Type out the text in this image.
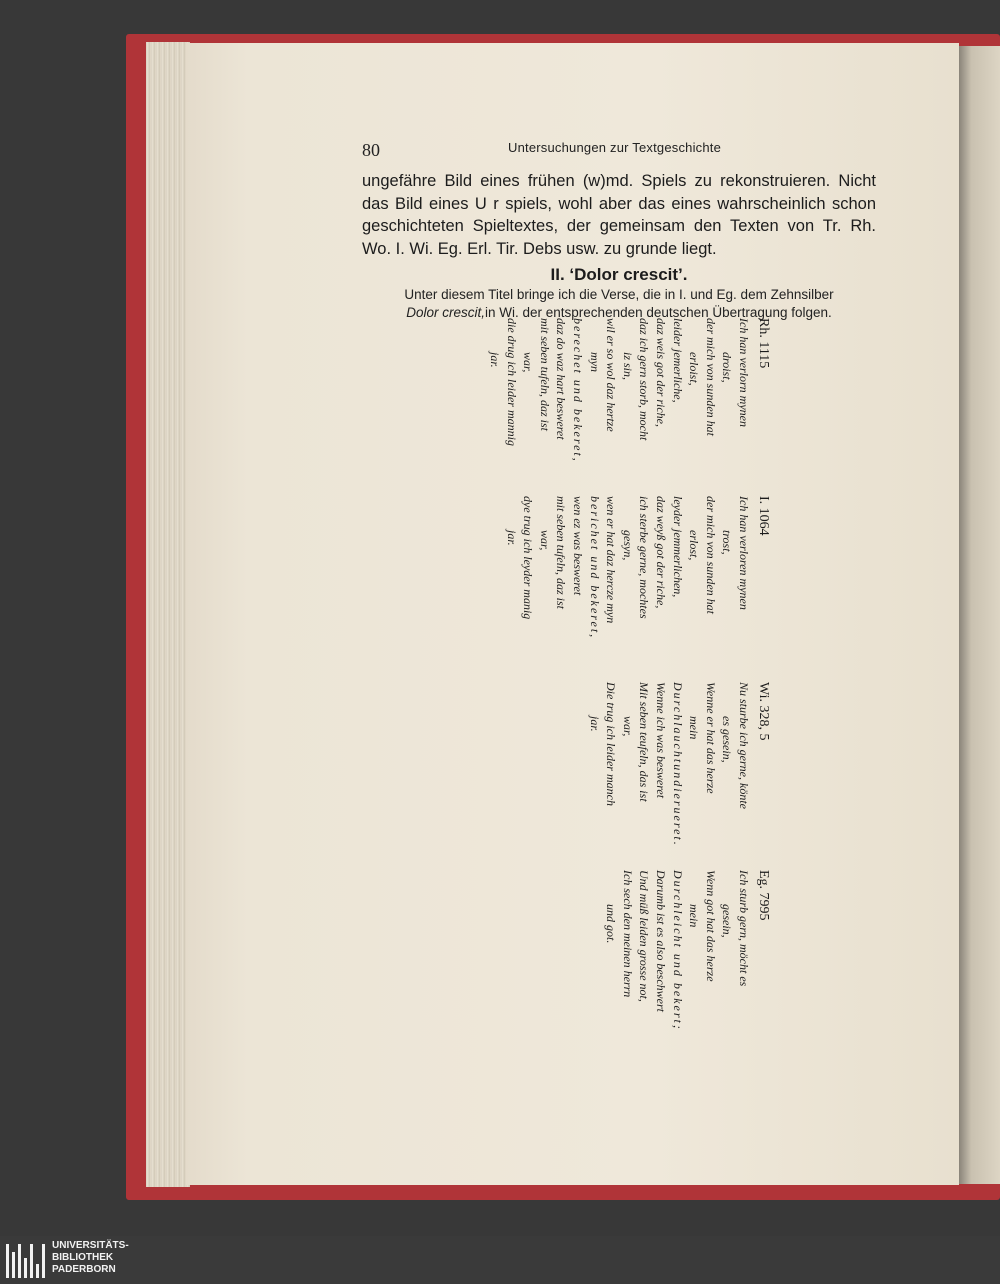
80	Untersuchungen zur Textgeschichte
ungefähre Bild eines frühen (w)md. Spiels zu rekonstruieren. Nicht
das Bild eines U r spiels, wohl aber das eines wahrscheinlich schon
geschichteten Spieltextes, der gemeinsam den Texten von Tr. Rh.
Wo. I. Wi. Eg. Erl. Tir. Debs usw. zu grunde liegt.
II. ‘Dolor crescit’.
Unter diesem Titel bringe ich die Verse, die in I. und Eg. dem Zehnsilber
Dolor crescit,in Wi. der entsprechenden deutschen Übertragung folgen.
Rh. 1115
Ich han verlorn mynen
droist,
der mich von sunden hat
erloist,
leider jemerliche,
daz weis got der riche,
daz ich gern storb, mocht
iz sin,
wil er so wol daz hertze
myn
berechet und bekeret,
daz do waz hart besweret
mit seben tufeln, daz ist
war,
die drug ich leider mannig
jar.
I. 1064
Ich han verloren mynen
trost,
der mich von sunden hat
erlost,
leyder jemmerlichen,
daz weyß got der riche,
ich sterbe gerne, mochtes
gesyn,
wen er hat daz hercze myn
berichet und bekeret,
wen ez was besweret
mit seben tufeln, daz ist
war,
dye trug ich leyder manig
jar.
Wi. 328, 5
Nu sturbe ich gerne, könte
es gesein,
Wenne er hat das herze
mein
Durchlauchtundierueret.
Wenne ich was besweret
Mit seben teufeln, das ist
war,
Die trug ich leider manch
jar.
Eg. 7995
Ich sturb gern, möcht es
gesein,
Wenn got hat das herze
mein
Durchleicht und bekert;
Darumb ist es also beschwert
Und müß leiden grosse not,
Ich sech den meinen herrn
und got.
UNIVERSITÄTS-
BIBLIOTHEK
PADERBORN
